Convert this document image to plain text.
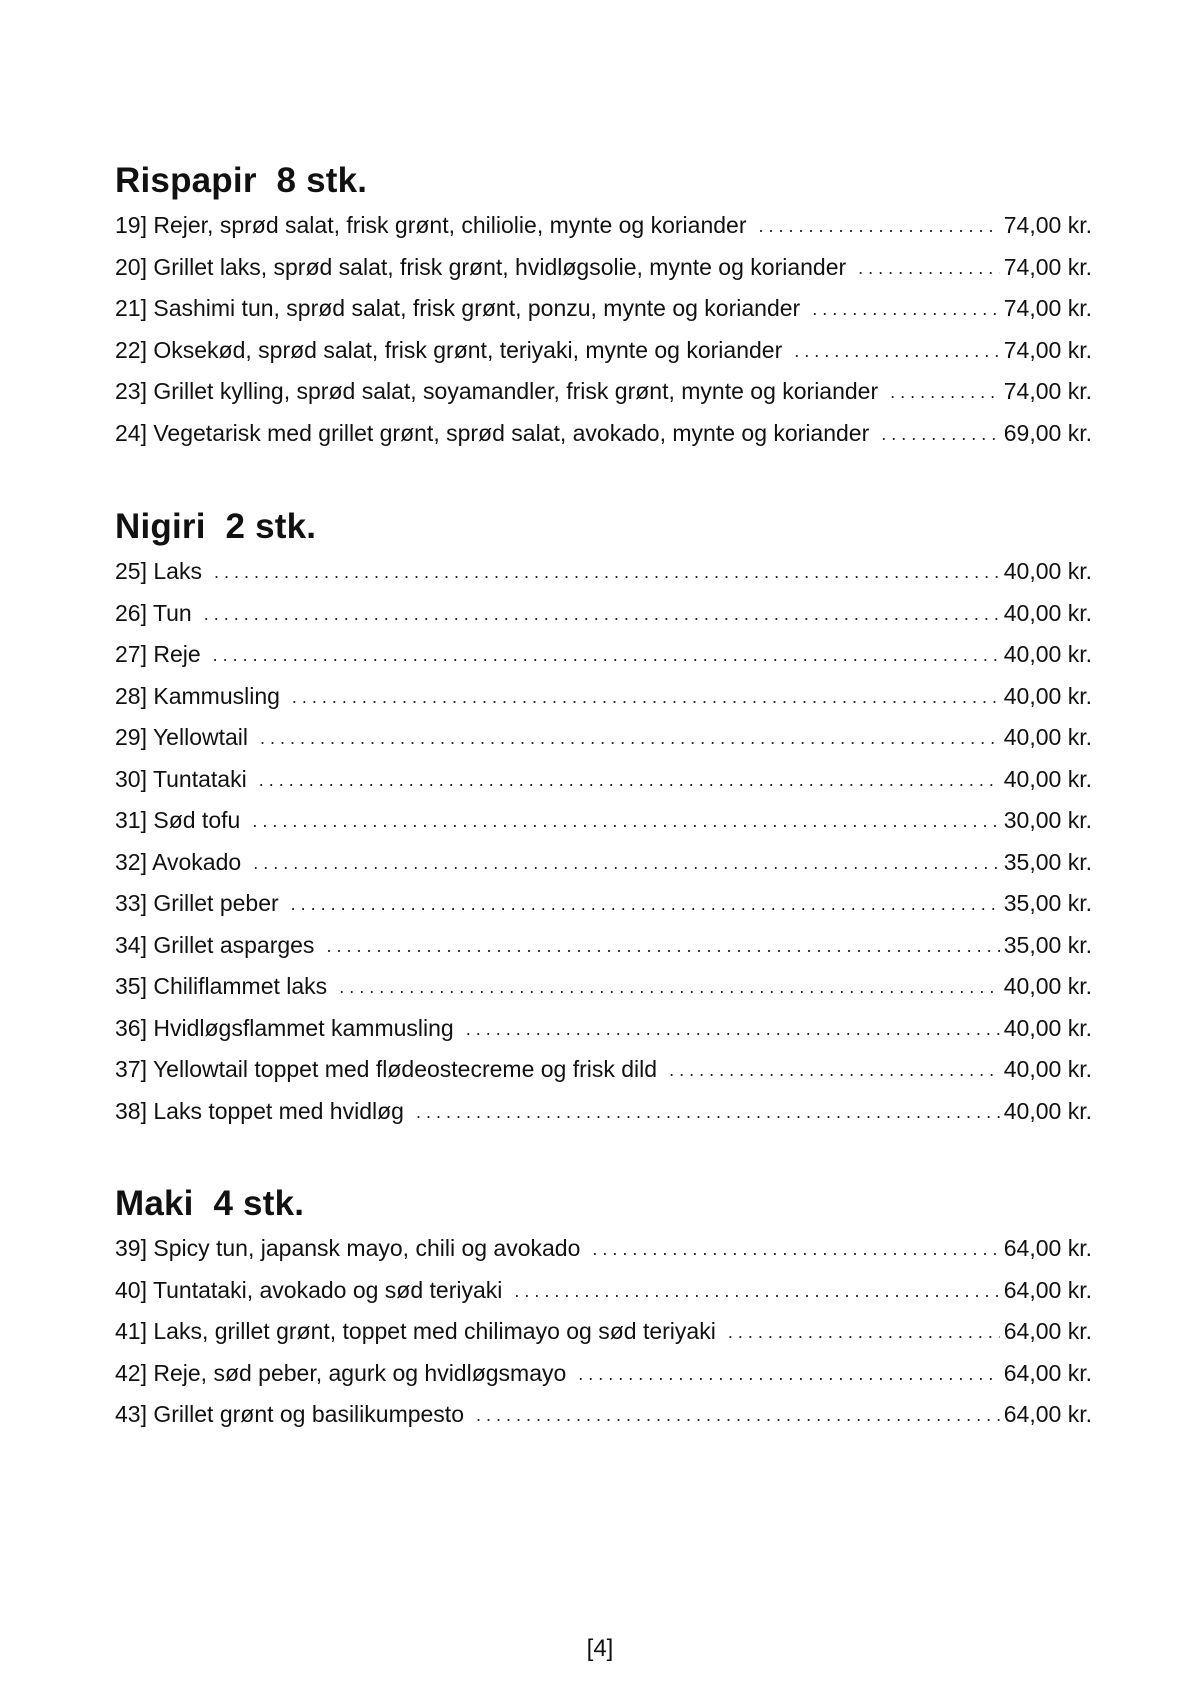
Rispapir  8 stk.
19] Rejer, sprød salat, frisk grønt, chiliolie, mynte og koriander . . .	74,00 kr.
20] Grillet laks, sprød salat, frisk grønt, hvidløgsolie, mynte og koriander . . .	74,00 kr.
21] Sashimi tun, sprød salat, frisk grønt, ponzu, mynte og koriander . . .	74,00 kr.
22] Oksekød, sprød salat, frisk grønt, teriyaki, mynte og koriander . . .	74,00 kr.
23] Grillet kylling, sprød salat, soyamandler, frisk grønt, mynte og koriander . . .	74,00 kr.
24] Vegetarisk med grillet grønt, sprød salat, avokado, mynte og koriander . . .	69,00 kr.
Nigiri  2 stk.
25] Laks . . .	40,00 kr.
26] Tun . . .	40,00 kr.
27] Reje . . .	40,00 kr.
28] Kammusling . . .	40,00 kr.
29] Yellowtail . . .	40,00 kr.
30] Tuntataki . . .	40,00 kr.
31] Sød tofu . . .	30,00 kr.
32] Avokado . . .	35,00 kr.
33] Grillet peber . . .	35,00 kr.
34] Grillet asparges . . .	35,00 kr.
35] Chiliflammet laks . . .	40,00 kr.
36] Hvidløgsflammet kammusling . . .	40,00 kr.
37] Yellowtail toppet med flødeostecreme og frisk dild . . .	40,00 kr.
38] Laks toppet med hvidløg . . .	40,00 kr.
Maki  4 stk.
39] Spicy tun, japansk mayo, chili og avokado . . .	64,00 kr.
40] Tuntataki, avokado og sød teriyaki . . .	64,00 kr.
41] Laks, grillet grønt, toppet med chilimayo og sød teriyaki . . .	64,00 kr.
42] Reje, sød peber, agurk og hvidløgsmayo . . .	64,00 kr.
43] Grillet grønt og basilikumpesto . . .	64,00 kr.
[4]
